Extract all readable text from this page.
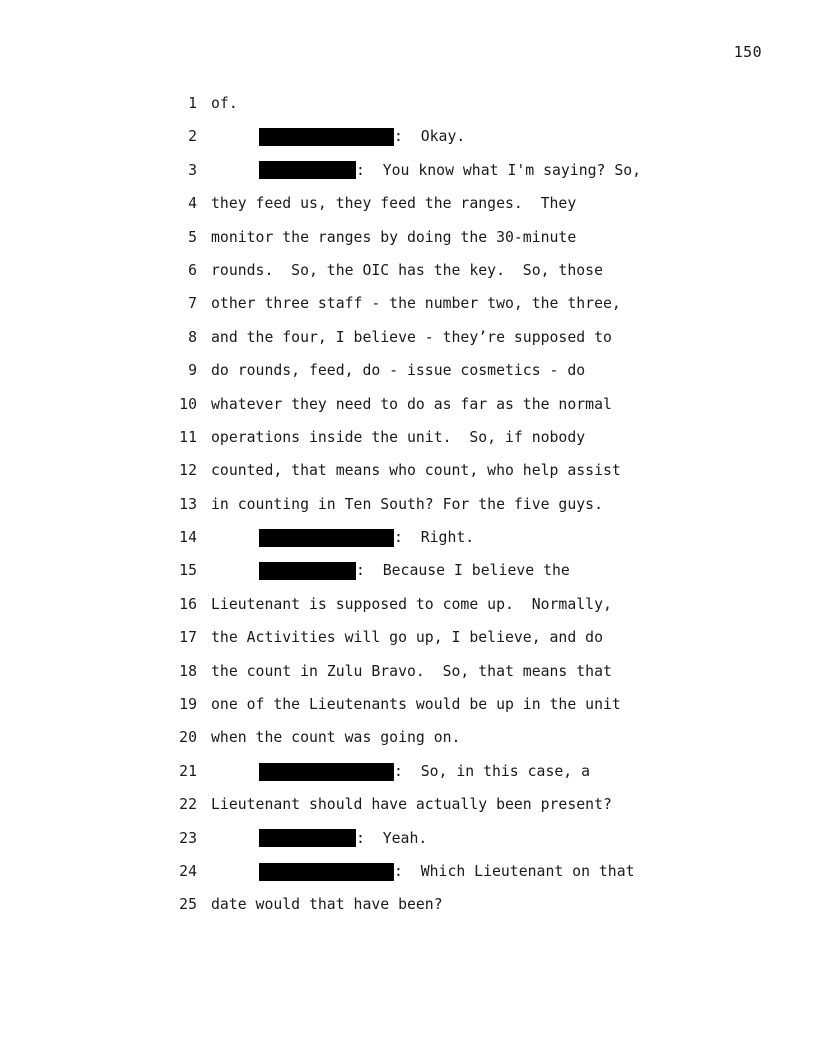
150
1 of.
2	:  Okay.
3	:  You know what I'm saying? So,
4 they feed us, they feed the ranges.  They
5 monitor the ranges by doing the 30-minute
6 rounds.  So, the OIC has the key.  So, those
7 other three staff - the number two, the three,
8 and the four, I believe - they’re supposed to
9 do rounds, feed, do - issue cosmetics - do
10 whatever they need to do as far as the normal
11 operations inside the unit.  So, if nobody
12 counted, that means who count, who help assist
13 in counting in Ten South? For the five guys.
14	:  Right.
15	:  Because I believe the
16 Lieutenant is supposed to come up.  Normally,
17 the Activities will go up, I believe, and do
18 the count in Zulu Bravo.  So, that means that
19 one of the Lieutenants would be up in the unit
20 when the count was going on.
21	:  So, in this case, a
22 Lieutenant should have actually been present?
23	:  Yeah.
24	:  Which Lieutenant on that
25 date would that have been?
